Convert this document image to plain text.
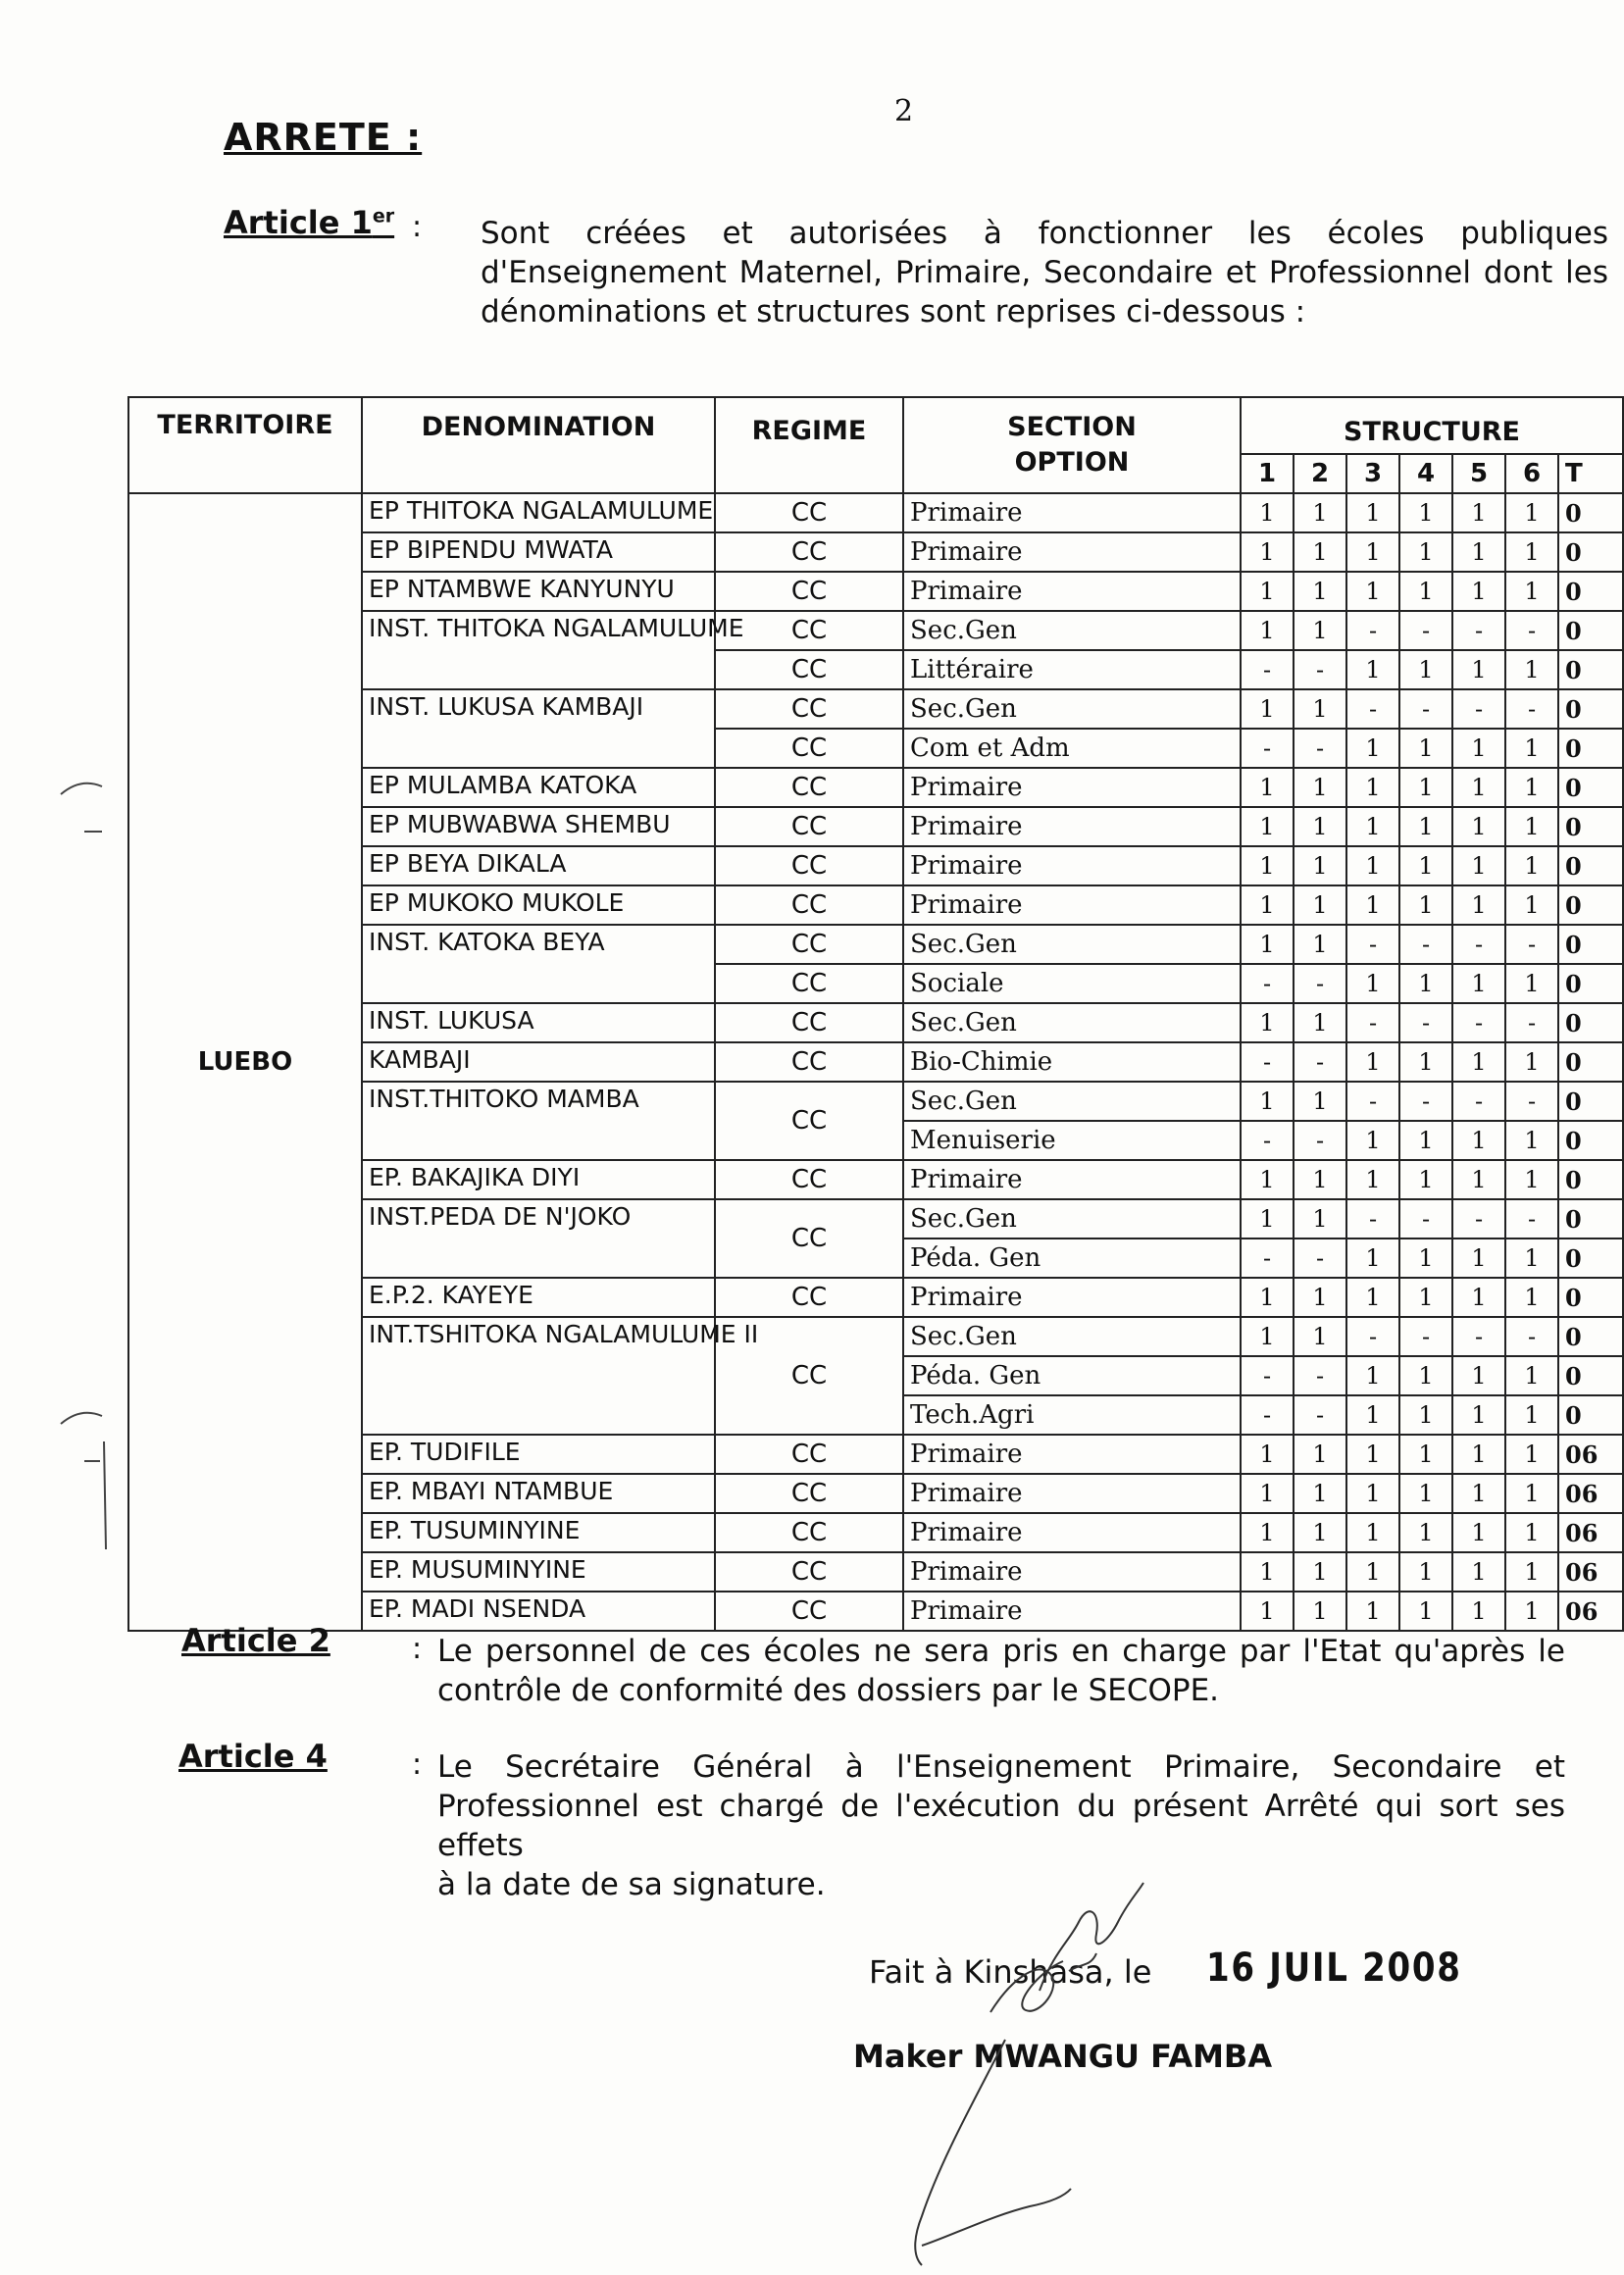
2
ARRETE :
Article 1er : Sont créées et autorisées à fonctionner les écoles publiques
d'Enseignement Maternel, Primaire, Secondaire et Professionnel dont les
dénominations et structures sont reprises ci-dessous :
TERRITOIRE	DENOMINATION	REGIME	SECTION OPTION	STRUCTURE						
				1	2	3	4	5	6	T
LUEBO	EP THITOKA NGALAMULUME	CC	Primaire	1	1	1	1	1	1	0
	EP BIPENDU MWATA	CC	Primaire	1	1	1	1	1	1	0
	EP NTAMBWE KANYUNYU	CC	Primaire	1	1	1	1	1	1	0
	INST. THITOKA NGALAMULUME	CC	Sec.Gen	1	1	-	-	-	-	0
		CC	Littéraire	-	-	1	1	1	1	0
	INST. LUKUSA KAMBAJI	CC	Sec.Gen	1	1	-	-	-	-	0
		CC	Com et Adm	-	-	1	1	1	1	0
	EP MULAMBA KATOKA	CC	Primaire	1	1	1	1	1	1	0
	EP MUBWABWA SHEMBU	CC	Primaire	1	1	1	1	1	1	0
	EP BEYA DIKALA	CC	Primaire	1	1	1	1	1	1	0
	EP MUKOKO MUKOLE	CC	Primaire	1	1	1	1	1	1	0
	INST. KATOKA BEYA	CC	Sec.Gen	1	1	-	-	-	-	0
		CC	Sociale	-	-	1	1	1	1	0
	INST. LUKUSA	CC	Sec.Gen	1	1	-	-	-	-	0
	KAMBAJI	CC	Bio-Chimie	-	-	1	1	1	1	0
	INST.THITOKO MAMBA	CC	Sec.Gen	1	1	-	-	-	-	0
			Menuiserie	-	-	1	1	1	1	0
	EP. BAKAJIKA DIYI	CC	Primaire	1	1	1	1	1	1	0
	INST.PEDA DE N'JOKO	CC	Sec.Gen	1	1	-	-	-	-	0
			Péda. Gen	-	-	1	1	1	1	0
	E.P.2. KAYEYE	CC	Primaire	1	1	1	1	1	1	0
	INT.TSHITOKA NGALAMULUME II	CC	Sec.Gen	1	1	-	-	-	-	0
			Péda. Gen	-	-	1	1	1	1	0
			Tech.Agri	-	-	1	1	1	1	0
	EP. TUDIFILE	CC	Primaire	1	1	1	1	1	1	06
	EP. MBAYI NTAMBUE	CC	Primaire	1	1	1	1	1	1	06
	EP. TUSUMINYINE	CC	Primaire	1	1	1	1	1	1	06
	EP. MUSUMINYINE	CC	Primaire	1	1	1	1	1	1	06
	EP. MADI NSENDA	CC	Primaire	1	1	1	1	1	1	06
Article 2	: Le personnel de ces écoles ne sera pris en charge par l'Etat qu'après le
contrôle de conformité des dossiers par le SECOPE.
Article 4	: Le Secrétaire Général à l'Enseignement Primaire, Secondaire et
Professionnel est chargé de l'exécution du présent Arrêté qui sort ses effets
à la date de sa signature.
Fait à Kinshasa, le 16 JUIL 2008
Maker MWANGU FAMBA
